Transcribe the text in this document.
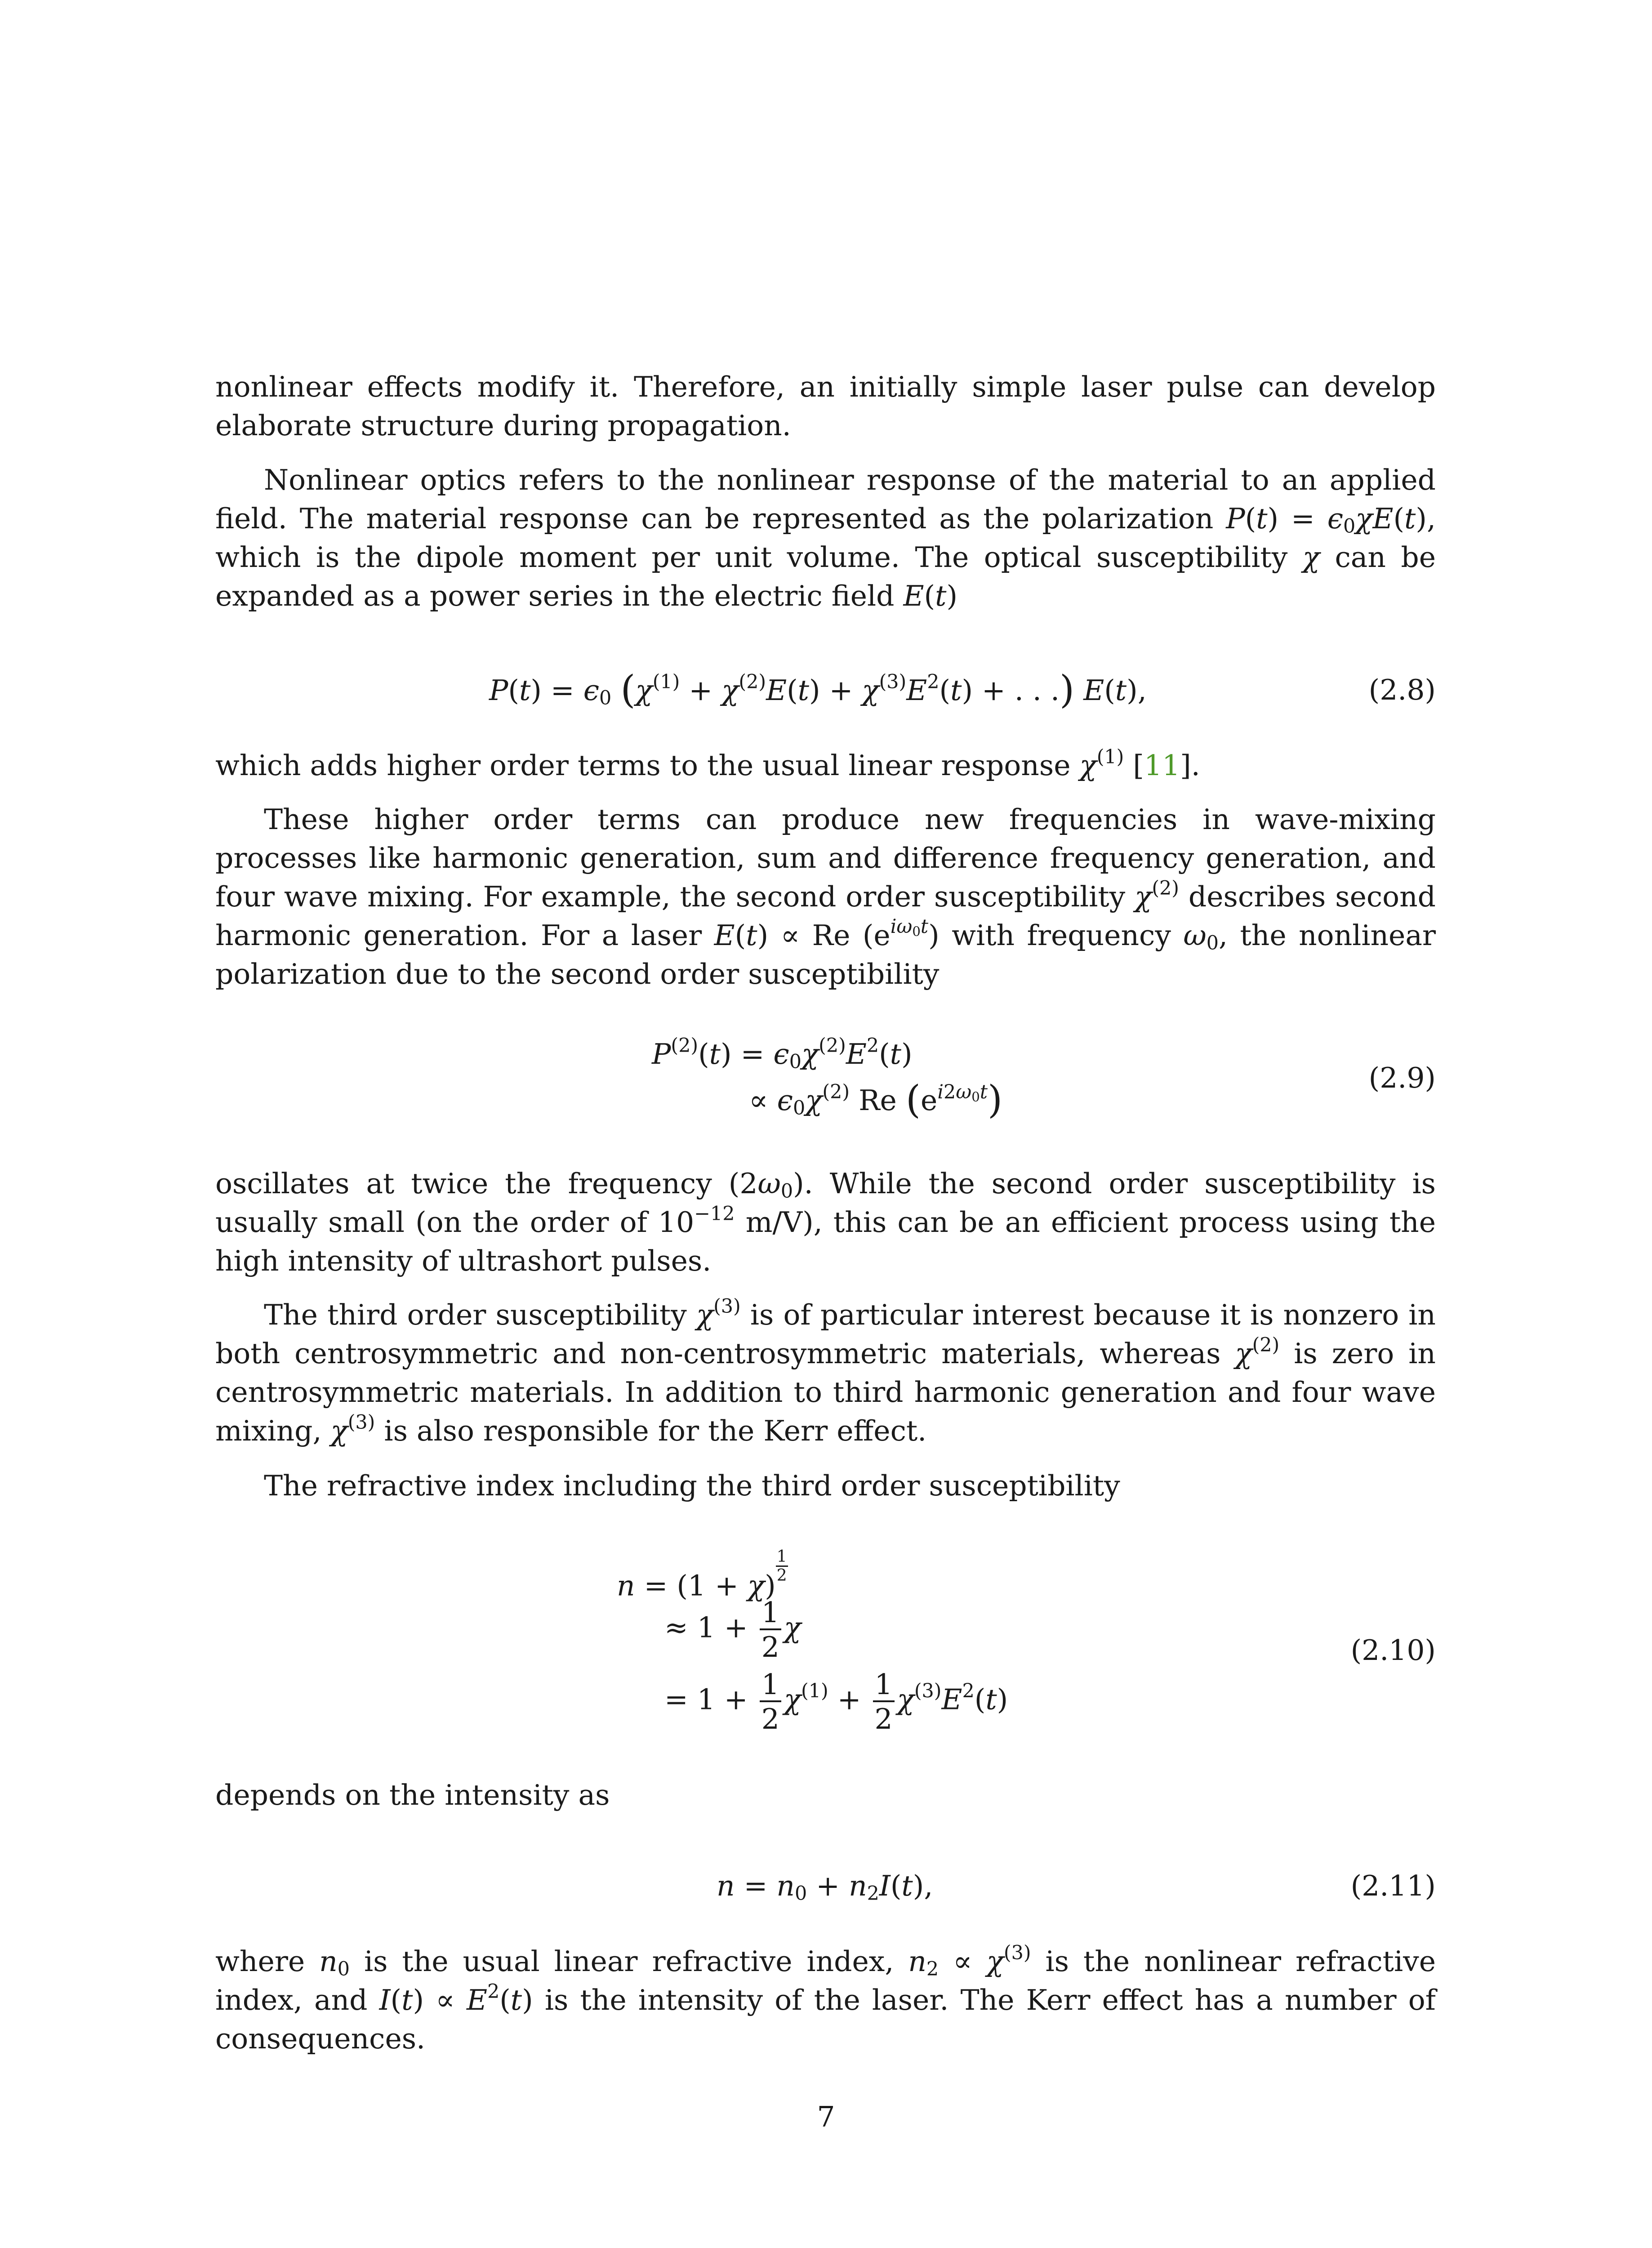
nonlinear effects modify it. Therefore, an initially simple laser pulse can develop elaborate structure during propagation.

Nonlinear optics refers to the nonlinear response of the material to an applied field. The material response can be represented as the polarization $P(t) = \epsilon_0\chi E(t)$, which is the dipole moment per unit volume. The optical susceptibility χ can be expanded as a power series in the electric field E(t)

$P(t) = \epsilon_0$ ($\chi^{(1)} + \chi^{(2)}E(t) + \chi^{(3)}E^2(t)$ + . . .) E(t),	(2.8)

which adds higher order terms to the usual linear response $\chi^{(1)}$ [11].

These higher order terms can produce new frequencies in wave-mixing processes like harmonic generation, sum and difference frequency generation, and four wave mixing. For example, the second order susceptibility $\chi^{(2)}$ describes second harmonic generation. For a laser E(t) ∝ Re $(e^{i\omega_0t})$ with frequency $\omega_0$, the nonlinear polarization due to the second order susceptibility

$P^{(2)}(t) = \epsilon_0\chi^{(2)}E^2(t)$
∝ $\epsilon_0\chi^{(2)}$ Re $(e^{i2\omega_0t})$	(2.9)

oscillates at twice the frequency $(2\omega_0)$. While the second order susceptibility is usually small (on the order of $10^{-12}$ m/V), this can be an efficient process using the high intensity of ultrashort pulses.

The third order susceptibility $\chi^{(3)}$ is of particular interest because it is nonzero in both centrosymmetric and non-centrosymmetric materials, whereas $\chi^{(2)}$ is zero in centrosymmetric materials. In addition to third harmonic generation and four wave mixing, $\chi^{(3)}$ is also responsible for the Kerr effect.

The refractive index including the third order susceptibility

n = (1 + χ)
$\frac{1}{2}$
≈ $1 + \frac{1}{2}$ χ
= $1 + \frac{1}{2} \chi^{(1)} + \frac{1}{2} \chi^{(3)}E^2(t)$
(2.10)

depends on the intensity as

$n = n_0 + n_2I(t)$,	(2.11)

where $n_0$ is the usual linear refractive index, $n_2 \propto \chi^{(3)}$ is the nonlinear refractive index, and $I(t) \propto E^2(t)$ is the intensity of the laser. The Kerr effect has a number of consequences.

7
